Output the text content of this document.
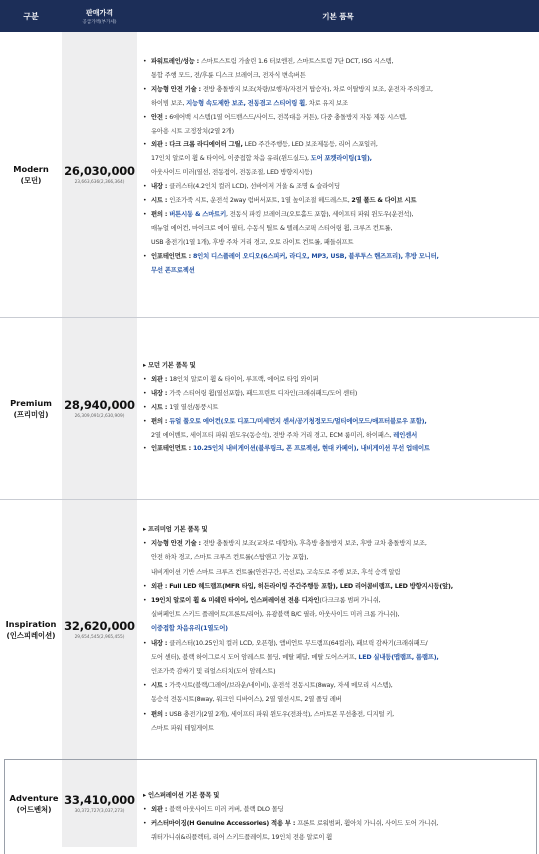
구분	판매가격
공급가액(부가세)
기본 품목
Modern
(모던)
26,030,000
23,663,636(2,366,364)
• 파워트레인/성능 : 스마트스트림 가솔린 1.6 터보엔진, 스마트스트림 7단 DCT, ISG 시스템,
통합 주행 모드, 전/후륜 디스크 브레이크, 전자식 변속버튼
• 지능형 안전 기술 : 전방 충돌방지 보조(차량/보행자/자전거 탑승자), 차로 이탈방지 보조, 운전자 주의경고,
하이빔 보조, 지능형 속도제한 보조, 전동겸고 스티어링 휠, 차로 유지 보조
• 안전 : 6에어백 시스템(1열 어드밴스드/사이드, 전복대응 커튼), 다중 충돌방지 자동 제동 시스템,
유아용 시트 고정장치(2열 2개)
• 외관 : 다크 크롬 라디에이터 그릴, LED 주간주행등, LED 보조제동등, 리어 스포일러,
17인치 알로이 휠 & 타이어, 이중접합 차음 유리(윈드실드), 도어 포켓라이팅(1열),
아웃사이드 미러(열선, 전동접이, 전동조절, LED 방향지시등)
• 내장 : 클러스터(4.2인치 컬러 LCD), 선바이저 거울 & 조명 & 슬라이딩
• 시트 : 인조가죽 시트, 운전석 2way 럼버서포트, 1열 높이조절 헤드레스트, 2열 폴드 & 다이브 시트
• 편의 : 버튼시동 & 스마트키, 전동식 파킹 브레이크(오토홀드 포함), 세이프티 파워 윈도우(운전석),
매뉴얼 에어컨, 마이크로 에어 필터, 수동식 틸트 & 텔레스코픽 스티어링 휠, 크루즈 컨트롤,
USB 충전기(1열 1개), 후방 주차 거리 경고, 오토 라이트 컨트롤, 패들쉬프트
• 인포테인먼트 : 8인치 디스플레이 오디오(6스피커, 라디오, MP3, USB, 블루투스 핸즈프리), 후방 모니터,
무선 폰프로젝션
Premium
(프리미엄)
28,940,000
26,309,091(2,630,909)
▸ 모던 기본 품목 및
• 외관 : 18인치 알로이 휠 & 타이어, 루프랙, 에어로 타입 와이퍼
• 내장 : 가죽 스티어링 휠(열선포함), 패드프린트 디자인(크래쉬패드/도어 센터)
• 시트 : 1열 열선/통풍시트
• 편의 : 듀얼 풀오토 에어컨(오토 디포그/미세먼지 센서/공기청정모드/멀티에어모드/애프터블로우 포함),
2열 에어벤트, 세이프티 파워 윈도우(동승석), 전방 주차 거리 경고, ECM 룸미러, 하이패스, 레인센서
• 인포테인먼트 : 10.25인치 내비게이션(블루링크, 폰 프로젝션, 현대 카페이), 내비게이션 무선 업데이트
Inspiration
(인스피레이션)
32,620,000
29,654,545(2,965,455)
▸ 프리미엄 기본 품목 및
• 지능형 안전 기술 : 전방 충돌방지 보조(교차로 대향차), 후측방 충돌방지 보조, 후방 교차 충돌방지 보조,
안전 하차 경고, 스마트 크루즈 컨트롤(스탑앤고 기능 포함),
내비게이션 기반 스마트 크루즈 컨트롤(안전구간, 곡선로), 고속도로 주행 보조, 후석 승객 알림
• 외관 : Full LED 헤드램프(MFR 타입, 히든라이팅 주간주행등 포함), LED 리어콤비램프, LED 방향지시등(앞),
• 19인치 알로이 휠 & 미쉐린 타이어, 인스퍼레이션 전용 디자인(다크크롬 범퍼 가니쉬,
실버페인트 스키드 플레이트(프론트/리어), 유광블랙 B/C 필라, 아웃사이드 미러 크롬 가니쉬),
이중접합 차음유리(1열도어)
• 내장 : 클러스터(10.25인치 컬러 LCD, 오픈형), 앰비언트 무드램프(64컬러), 패브릭 감싸기(크래쉬패드/
도어 센터), 블랙 하이그로시 도어 암레스트 몰딩, 메탈 페달, 메탈 도어스커프, LED 실내등(맵램프, 룸램프),
인조가죽 감싸기 및 리얼스티치(도어 암레스트)
• 시트 : 가죽시트(블랙/그레이/브라운/네이비), 운전석 전동시트(8way, 자세 메모리 시스템),
동승석 전동시트(8way, 워크인 디바이스), 2열 열선시트, 2열 폴딩 레버
• 편의 : USB 충전기(2열 2개), 세이프티 파워 윈도우(전좌석), 스마트폰 무선충전, 디지털 키,
스마트 파워 테일게이트
Adventure
(어드벤처)
33,410,000
30,372,727(3,037,273)
▸ 인스퍼레이션 기본 품목 및
• 외관 : 블랙 아웃사이드 미러 커버, 블랙 DLO 몰딩
• 커스터마이징(H Genuine Accessories) 적용 부 : 프론트 로워범퍼, 휠아치 가니쉬, 사이드 도어 가니쉬,
쿼터가니쉬&리플렉터, 리어 스키드플레이트, 19인치 전용 알로이 휠
